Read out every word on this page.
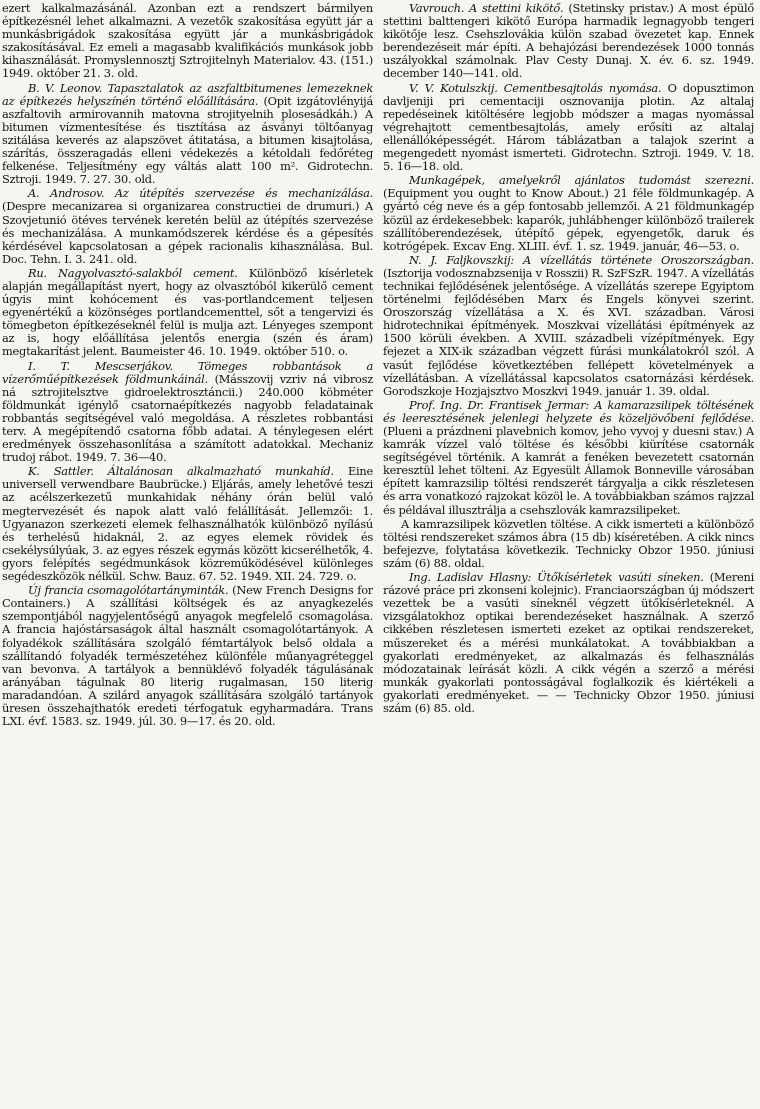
ezert kalkalmazásánál. Azonban ezt a rendszert bármilyen építkezésnél lehet alkalmazni. A vezetők szakosítása együtt jár a munkásbrigádok szakosítása együtt jár a munkásbrigádok szakosításával. Ez emeli a magasabb kvalifikációs munkások jobb kihasználását. Promyslennosztj Sztrojitelnyh Materialov. 43. (151.) 1949. október 21. 3. old.

B. V. Leonov. Tapasztalatok az aszfaltbitumenes lemezeknek az építkezés helyszínén történő előállítására. (Opit izgátovlényijá aszfaltovih armirovannih matovna strojityelnih plosesádkáh.) A bitumen vízmentesítése és tisztítása az ásványi töltőanyag szitálása keverés az alapszövet átitatása, a bitumen kisajtolása, szárítás, összeragadás elleni védekezés a kétoldali fedőréteg felkenése. Teljesítmény egy váltás alatt 100 m². Gidrotechn. Sztroji. 1949. 7. 27. 30. old.

A. Androsov. Az útépítés szervezése és mechanizálása. (Despre mecanizarea si organizarea constructiei de drumuri.) A Szovjetunió ötéves tervének keretén belül az útépítés szervezése és mechanizálása. A munkamódszerek kérdése és a gépesítés kérdésével kapcsolatosan a gépek racionalis kihasználása. Bul. Doc. Tehn. I. 3. 241. old.

Ru. Nagyolvasztó-salakból cement. Különböző kísérletek alapján megállapítást nyert, hogy az olvasztóból kikerülő cement úgyis mint kohócement és vas-portlandcement teljesen egyenértékű a közönséges portlandcementtel, sőt a tengervizi és tömegbeton építkezéseknél felül is mulja azt. Lényeges szempont az is, hogy előállítása jelentős energia (szén és áram) megtakarítást jelent. Baumeister 46. 10. 1949. október 510. o.

I. T. Mescserjákov. Tömeges robbantások a vízerőműépítkezések földmunkáinál. (Másszovij vzriv ná vibrosz ná sztrojitelsztve gidroelektrosztáncii.) 240.000 köbméter földmunkát igénylő csatornaépítkezés nagyobb feladatainak robbantás segítségével való megoldása. A részletes robbantási terv. A megépítendő csatorna főbb adatai. A ténylegesen elért eredmények összehasonlítása a számított adatokkal. Mechaniz trudoj rábot. 1949. 7. 36—40.

K. Sattler. Általánosan alkalmazható munkahíd. Eine universell verwendbare Baubrücke.) Eljárás, amely lehetővé teszi az acélszerkezetű munkahidak néhány órán belül való megtervezését és napok alatt való felállítását. Jellemzői: 1. Ugyanazon szerkezeti elemek felhasználhatók különböző nyílású és terhelésű hidaknál, 2. az egyes elemek rövidek és csekélysúlyúak, 3. az egyes részek egymás között kicserélhetők, 4. gyors felépítés segédmunkások közreműködésével különleges segédeszközök nélkül. Schw. Bauz. 67. 52. 1949. XII. 24. 729. o.

Új francia csomagolótartányminták. (New French Designs for Containers.) A szállítási költségek és az anyagkezelés szempontjából nagyjelentőségű anyagok megfelelő csomagolása. A francia hajóstársaságok által használt csomagolótartányok. A folyadékok szállítására szolgáló fémtartályok belső oldala a szállítandó folyadék természetéhez különféle műanyagréteggel van bevonva. A tartályok a bennüklévő folyadék tágulásának arányában tágulnak 80 literig rugalmasan, 150 literig maradandóan. A szilárd anyagok szállítására szolgáló tartányok üresen összehajthatók eredeti térfogatuk egyharmadára. Trans LXI. évf. 1583. sz. 1949. júl. 30. 9—17. és 20. old.

Vavrouch. A stettini kikötő. (Stetinsky pristav.) A most épülő stettini balttengeri kikötő Európa harmadik legnagyobb tengeri kikötője lesz. Csehszlovákia külön szabad övezetet kap. Ennek berendezéseit már építi. A behajózási berendezések 1000 tonnás uszályokkal számolnak. Plav Cesty Dunaj. X. év. 6. sz. 1949. december 140—141. old.

V. V. Kotulszkij. Cementbesajtolás nyomása. O dopusztimon davljeniji pri cementaciji osznovanija plotin. Az altalaj repedéseinek kitöltésére legjobb módszer a magas nyomással végrehajtott cementbesajtolás, amely erősíti az altalaj ellenállóképességét. Három táblázatban a talajok szerint a megengedett nyomást ismerteti. Gidrotechn. Sztroji. 1949. V. 18. 5. 16—18. old.

Munkagépek, amelyekről ajánlatos tudomást szerezni. (Equipment you ought to Know About.) 21 féle földmunkagép. A gyártó cég neve és a gép fontosabb jellemzői. A 21 földmunkagép közül az érdekesebbek: kaparók, juhlábhenger különböző trailerek szállítóberendezések, útépítő gépek, egyengetők, daruk és kotrógépek. Excav Eng. XLIII. évf. 1. sz. 1949. január, 46—53. o.

N. J. Faljkovszkij: A vízellátás története Oroszországban. (Isztorija vodosznabzsenija v Rosszii) R. SzFSzR. 1947. A vízellátás technikai fejlődésének jelentősége. A vízellátás szerepe Egyiptom történelmi fejlődésében Marx és Engels könyvei szerint. Oroszország vízellátása a X. és XVI. században. Városi hidrotechnikai építmények. Moszkvai vízellátási építmények az 1500 körüli években. A XVIII. századbeli vízépítmények. Egy fejezet a XIX-ik században végzett fúrási munkálatokról szól. A vasút fejlődése következtében fellépett követelmények a vízellátásban. A vízellátással kapcsolatos csatornázási kérdések. Gorodszkoje Hozjajsztvo Moszkvi 1949. január 1. 39. oldal.

Prof. Ing. Dr. Frantisek Jermar: A kamarazsilipek töltésének és leeresztésének jelenlegi helyzete és közeljövőbeni fejlődése. (Plueni a prázdneni plavebnich komov, jeho vyvoj y duesni stav.) A kamrák vízzel való töltése és későbbi kiürítése csatornák segítségével történik. A kamrát a fenéken bevezetett csatornán keresztül lehet tölteni. Az Egyesült Államok Bonneville városában épített kamrazsilip töltési rendszerét tárgyalja a cikk részletesen és arra vonatkozó rajzokat közöl le. A továbbiakban számos rajzzal és példával illusztrálja a csehszlovák kamrazsilipeket.

A kamrazsilipek közvetlen töltése. A cikk ismerteti a különböző töltési rendszereket számos ábra (15 db) kíséretében. A cikk nincs befejezve, folytatása következik. Technicky Obzor 1950. júniusi szám (6) 88. oldal.

Ing. Ladislav Hlasny: Ütőkísérletek vasúti síneken. (Mereni rázové práce pri zkonseni kolejnic). Franciaországban új módszert vezettek be a vasúti síneknél végzett ütőkísérleteknél. A vizsgálatokhoz optikai berendezéseket használnak. A szerző cikkében részletesen ismerteti ezeket az optikai rendszereket, műszereket és a mérési munkálatokat. A továbbiakban a gyakorlati eredményeket, az alkalmazás és felhasználás módozatainak leírását közli. A cikk végén a szerző a mérési munkák gyakorlati pontosságával foglalkozik és kiértékeli a gyakorlati eredményeket. — — Technicky Obzor 1950. júniusi szám (6) 85. old.
